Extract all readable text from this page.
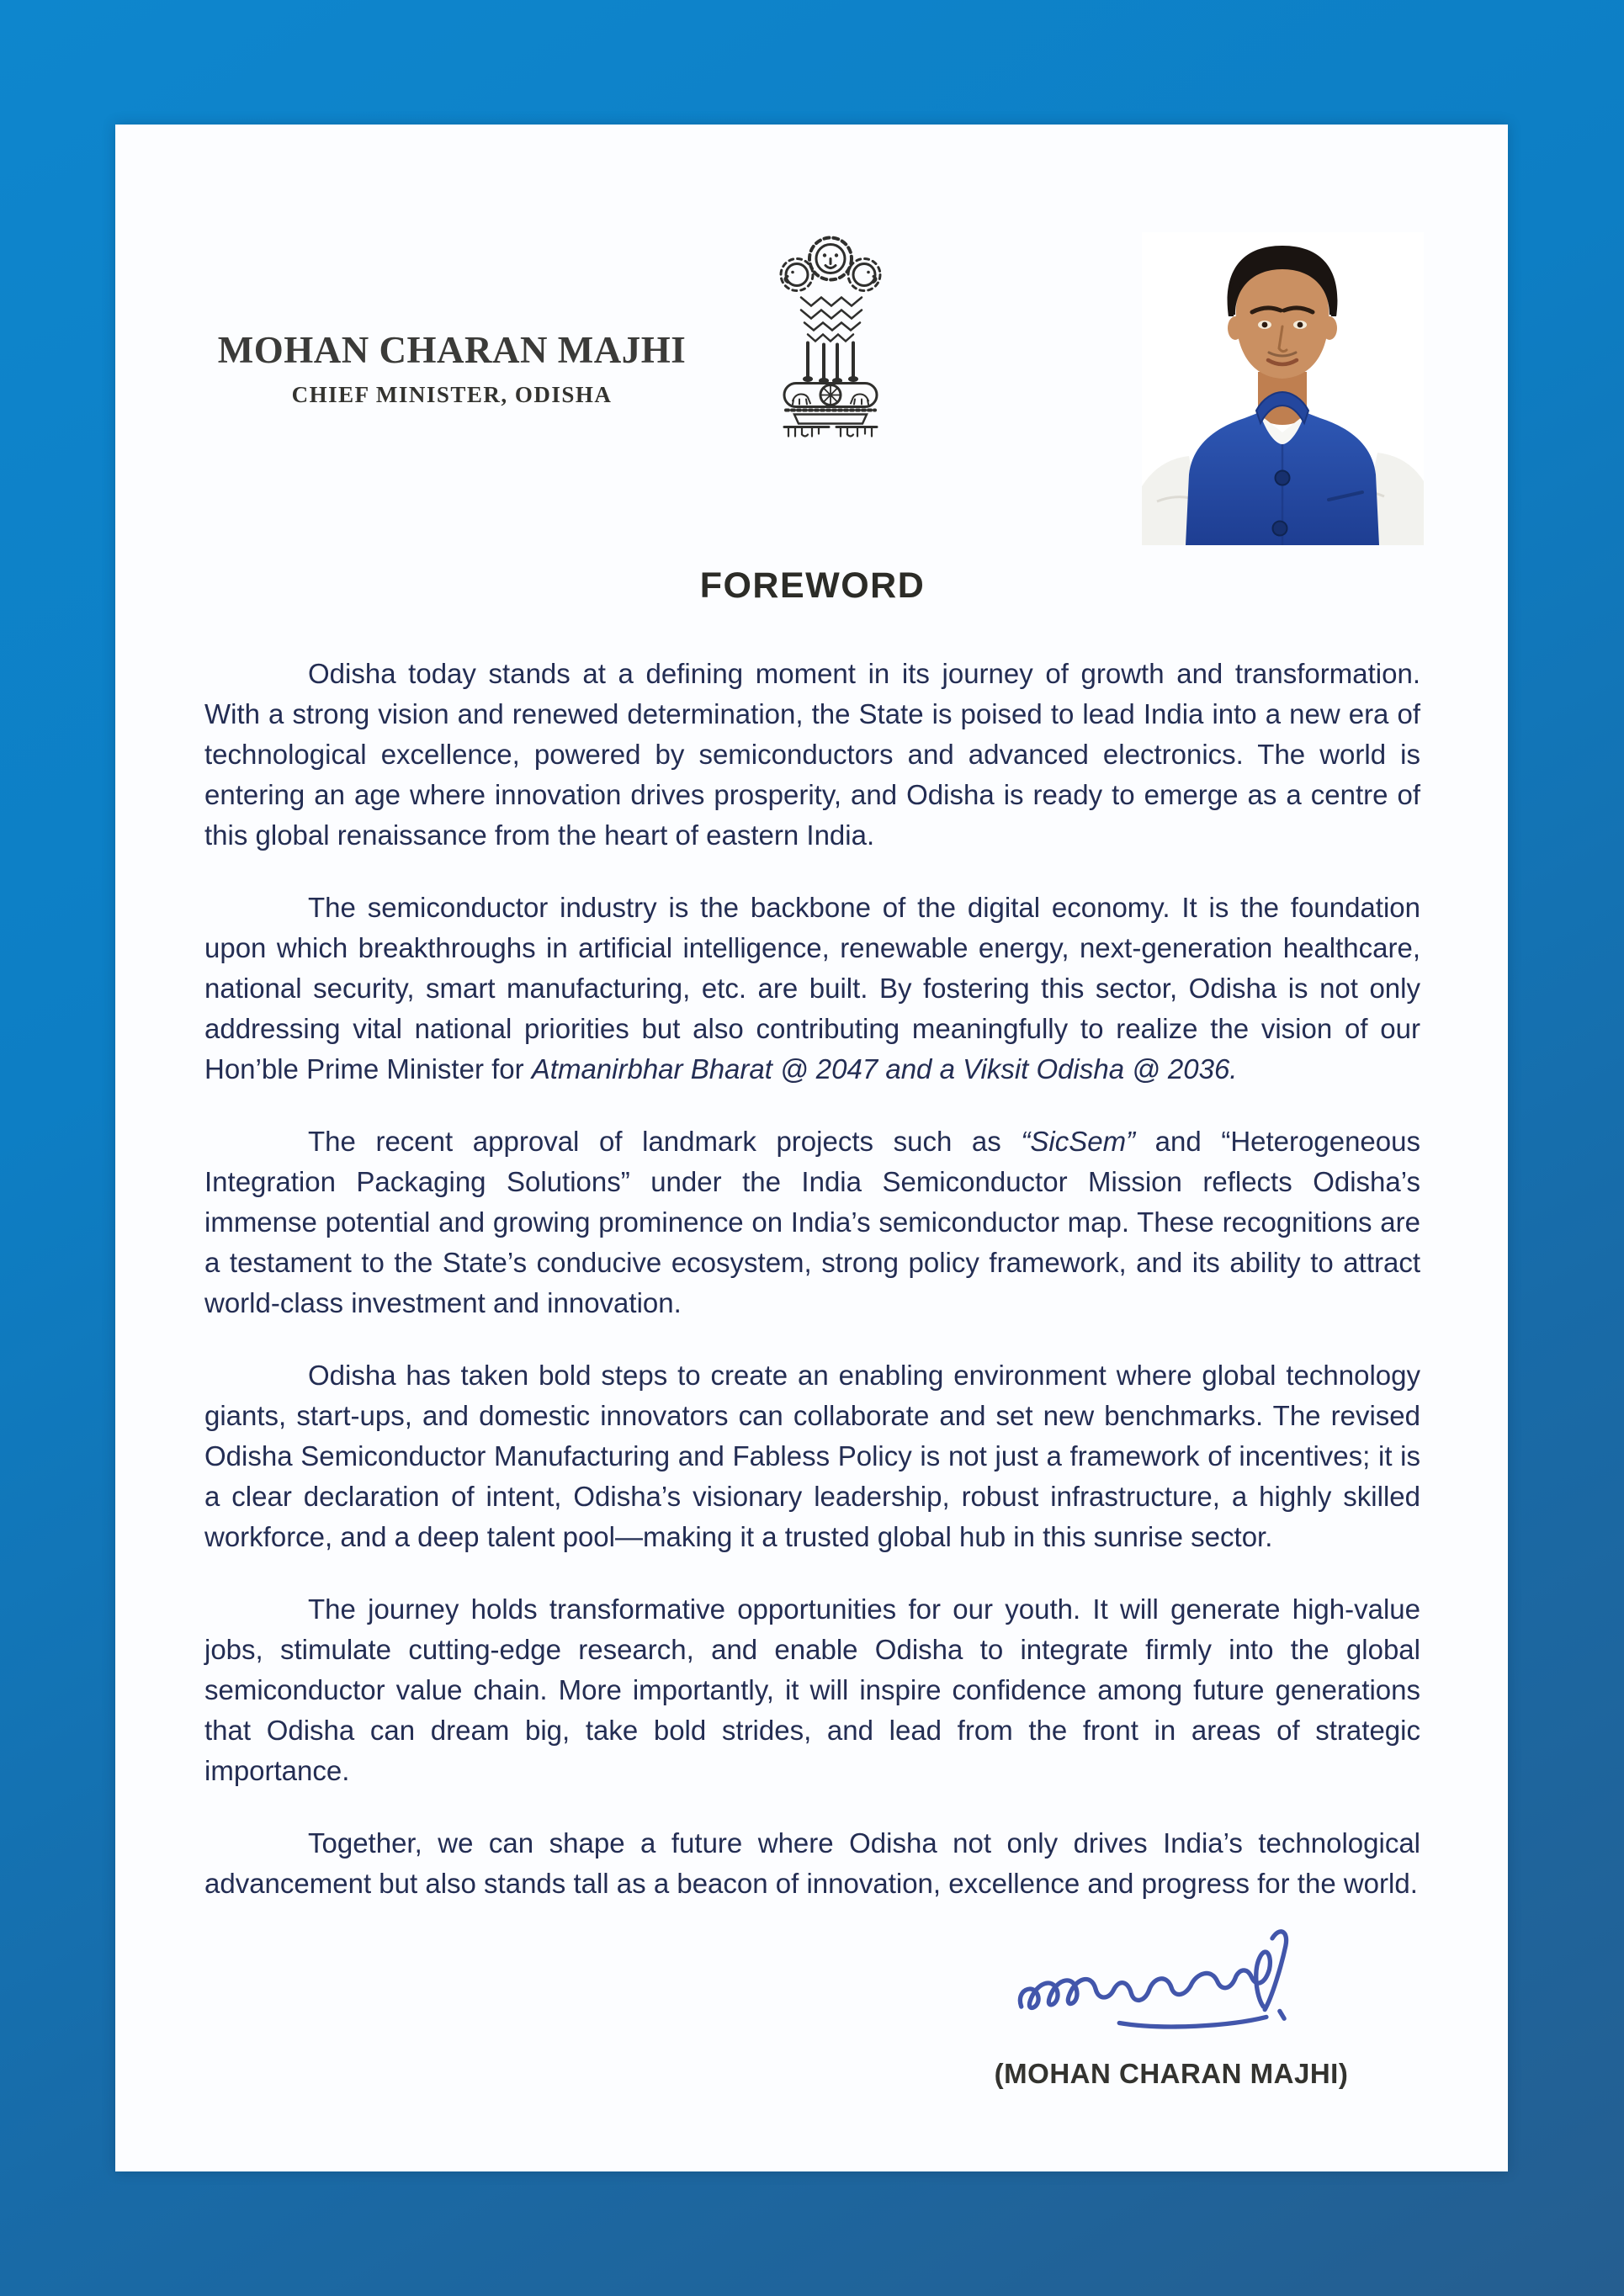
MOHAN CHARAN MAJHI
CHIEF MINISTER, ODISHA
FOREWORD

Odisha today stands at a defining moment in its journey of growth and transformation. With a strong vision and renewed determination, the State is poised to lead India into a new era of technological excellence, powered by semiconductors and advanced electronics. The world is entering an age where innovation drives prosperity, and Odisha is ready to emerge as a centre of this global renaissance from the heart of eastern India.

The semiconductor industry is the backbone of the digital economy. It is the foundation upon which breakthroughs in artificial intelligence, renewable energy, next-generation healthcare, national security, smart manufacturing, etc. are built. By fostering this sector, Odisha is not only addressing vital national priorities but also contributing meaningfully to realize the vision of our Hon’ble Prime Minister for Atmanirbhar Bharat @ 2047 and a Viksit Odisha @ 2036.

The recent approval of landmark projects such as “SicSem” and “Heterogeneous Integration Packaging Solutions” under the India Semiconductor Mission reflects Odisha’s immense potential and growing prominence on India’s semiconductor map. These recognitions are a testament to the State’s conducive ecosystem, strong policy framework, and its ability to attract world-class investment and innovation.

Odisha has taken bold steps to create an enabling environment where global technology giants, start-ups, and domestic innovators can collaborate and set new benchmarks. The revised Odisha Semiconductor Manufacturing and Fabless Policy is not just a framework of incentives; it is a clear declaration of intent, Odisha’s visionary leadership, robust infrastructure, a highly skilled workforce, and a deep talent pool—making it a trusted global hub in this sunrise sector.

The journey holds transformative opportunities for our youth. It will generate high-value jobs, stimulate cutting-edge research, and enable Odisha to integrate firmly into the global semiconductor value chain. More importantly, it will inspire confidence among future generations that Odisha can dream big, take bold strides, and lead from the front in areas of strategic importance.

Together, we can shape a future where Odisha not only drives India’s technological advancement but also stands tall as a beacon of innovation, excellence and progress for the world.

(MOHAN CHARAN MAJHI)
